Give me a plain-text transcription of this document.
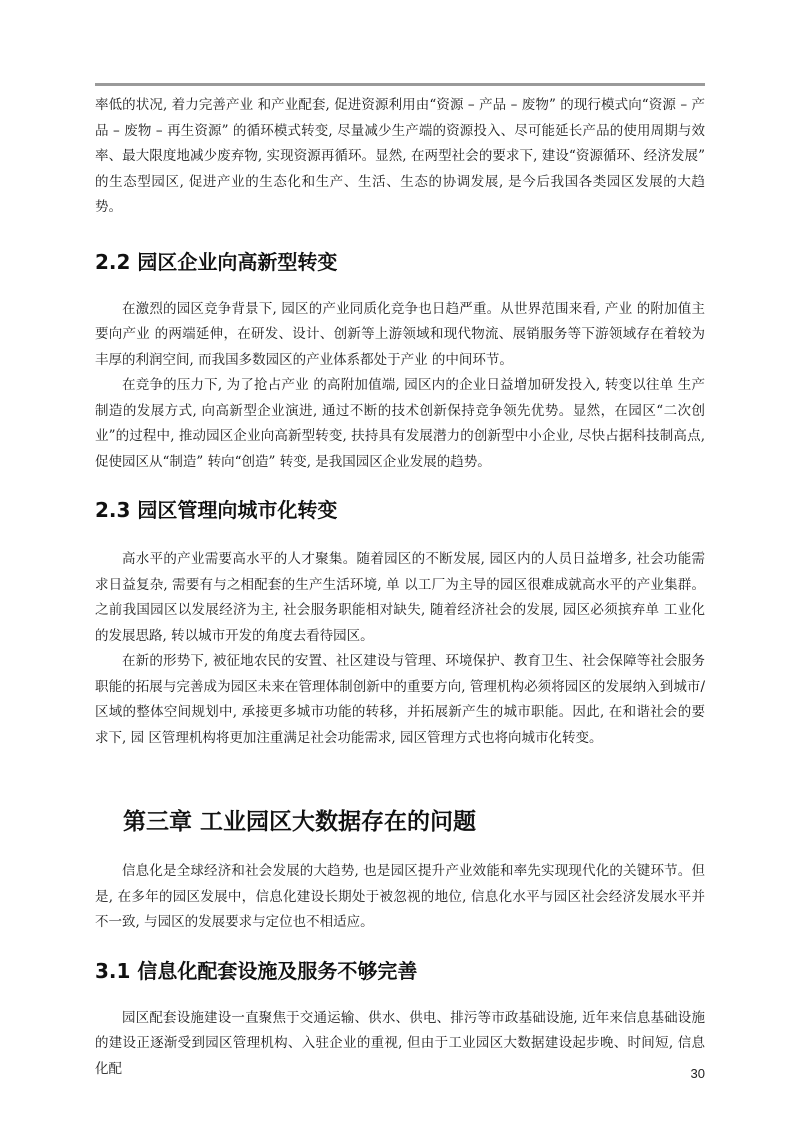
率低的状况, 着力完善产业 和产业配套, 促进资源利用由“资源 – 产品 – 废物” 的现行模式向“资源 – 产品 – 废物 – 再生资源” 的循环模式转变, 尽量减少生产端的资源投入、尽可能延长产品的使用周期与效率、最大限度地减少废弃物, 实现资源再循环。显然, 在两型社会的要求下, 建设“资源循环、经济发展” 的生态型园区, 促进产业的生态化和生产、生活、生态的协调发展, 是今后我国各类园区发展的大趋势。

2.2 园区企业向高新型转变

在激烈的园区竞争背景下, 园区的产业同质化竞争也日趋严重。从世界范围来看, 产业 的附加值主要向产业 的两端延伸，在研发、设计、创新等上游领域和现代物流、展销服务等下游领域存在着较为丰厚的利润空间, 而我国多数园区的产业体系都处于产业 的中间环节。

在竞争的压力下, 为了抢占产业 的高附加值端, 园区内的企业日益增加研发投入, 转变以往单 生产制造的发展方式, 向高新型企业演进, 通过不断的技术创新保持竞争领先优势。显然，在园区“二次创业”的过程中, 推动园区企业向高新型转变, 扶持具有发展潜力的创新型中小企业, 尽快占据科技制高点, 促使园区从“制造” 转向“创造” 转变, 是我国园区企业发展的趋势。

2.3 园区管理向城市化转变

高水平的产业需要高水平的人才聚集。随着园区的不断发展, 园区内的人员日益增多, 社会功能需求日益复杂, 需要有与之相配套的生产生活环境, 单 以工厂为主导的园区很难成就高水平的产业集群。之前我国园区以发展经济为主, 社会服务职能相对缺失, 随着经济社会的发展, 园区必须摈弃单 工业化的发展思路, 转以城市开发的角度去看待园区。

在新的形势下, 被征地农民的安置、社区建设与管理、环境保护、教育卫生、社会保障等社会服务职能的拓展与完善成为园区未来在管理体制创新中的重要方向, 管理机构必须将园区的发展纳入到城市/区域的整体空间规划中, 承接更多城市功能的转移，并拓展新产生的城市职能。因此, 在和谐社会的要求下, 园 区管理机构将更加注重满足社会功能需求, 园区管理方式也将向城市化转变。

第三章 工业园区大数据存在的问题

信息化是全球经济和社会发展的大趋势, 也是园区提升产业效能和率先实现现代化的关键环节。但是, 在多年的园区发展中，信息化建设长期处于被忽视的地位, 信息化水平与园区社会经济发展水平并不一致, 与园区的发展要求与定位也不相适应。

3.1 信息化配套设施及服务不够完善

园区配套设施建设一直聚焦于交通运输、供水、供电、排污等市政基础设施, 近年来信息基础设施的建设正逐渐受到园区管理机构、入驻企业的重视, 但由于工业园区大数据建设起步晚、时间短, 信息化配	30
